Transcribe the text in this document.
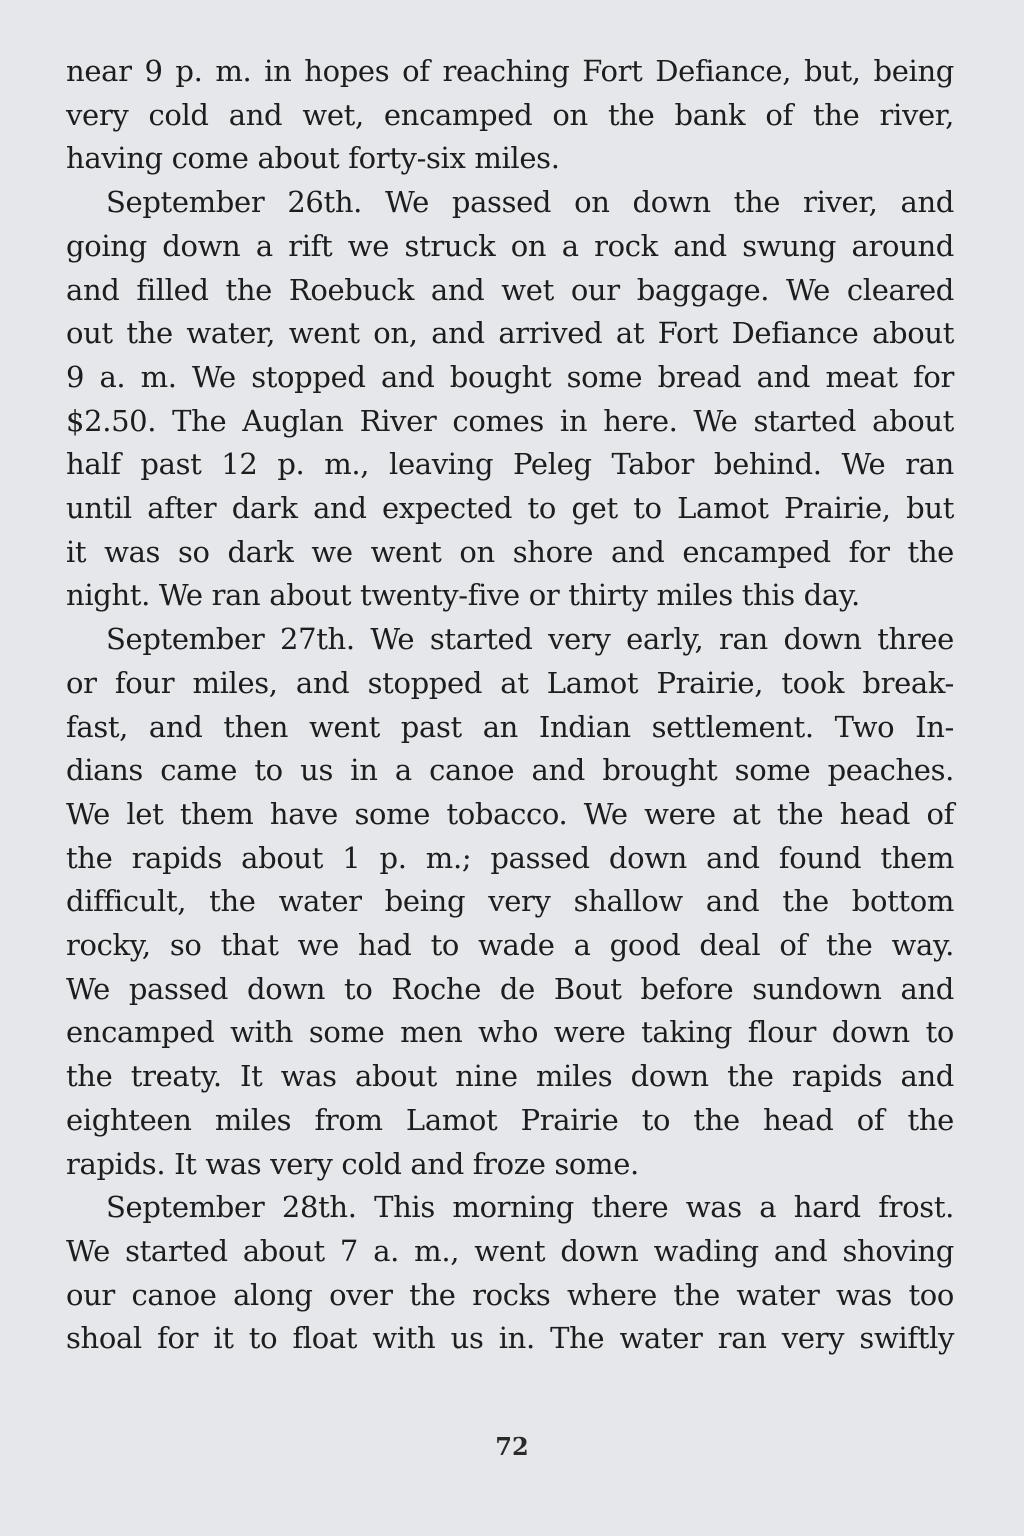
near 9 p. m. in hopes of reaching Fort Defiance, but, being
very cold and wet, encamped on the bank of the river,
having come about forty-six miles.

September 26th. We passed on down the river, and
going down a rift we struck on a rock and swung around
and filled the Roebuck and wet our baggage. We cleared
out the water, went on, and arrived at Fort Defiance about
9 a. m. We stopped and bought some bread and meat for
$2.50. The Auglan River comes in here. We started about
half past 12 p. m., leaving Peleg Tabor behind. We ran
until after dark and expected to get to Lamot Prairie, but
it was so dark we went on shore and encamped for the
night. We ran about twenty-five or thirty miles this day.

September 27th. We started very early, ran down three
or four miles, and stopped at Lamot Prairie, took break-
fast, and then went past an Indian settlement. Two In-
dians came to us in a canoe and brought some peaches.
We let them have some tobacco. We were at the head of
the rapids about 1 p. m.; passed down and found them
difficult, the water being very shallow and the bottom
rocky, so that we had to wade a good deal of the way.
We passed down to Roche de Bout before sundown and
encamped with some men who were taking flour down to
the treaty. It was about nine miles down the rapids and
eighteen miles from Lamot Prairie to the head of the
rapids. It was very cold and froze some.

September 28th. This morning there was a hard frost.
We started about 7 a. m., went down wading and shoving
our canoe along over the rocks where the water was too
shoal for it to float with us in. The water ran very swiftly

72
